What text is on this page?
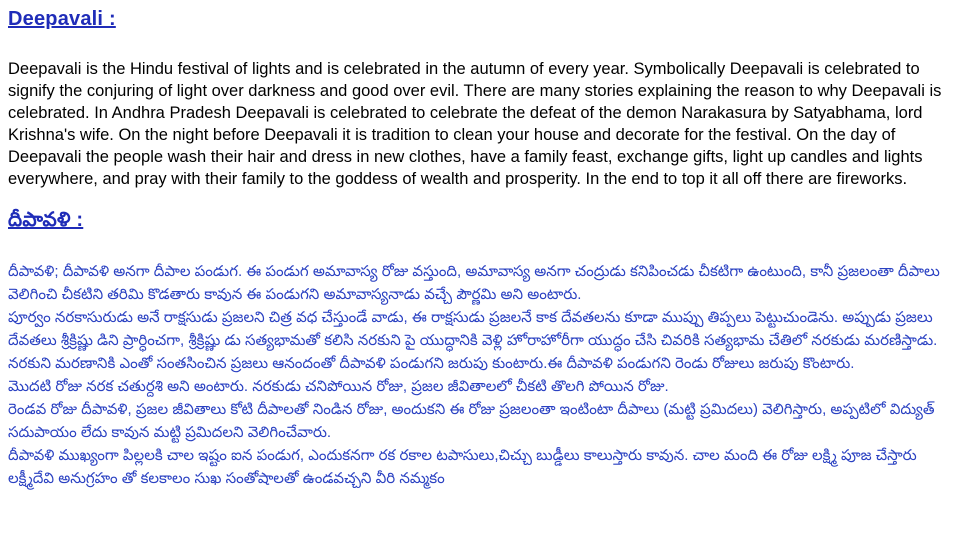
Deepavali :

Deepavali is the Hindu festival of lights and is celebrated in the autumn of every year. Symbolically Deepavali is celebrated to signify the conjuring of light over darkness and good over evil. There are many stories explaining the reason to why Deepavali is celebrated. In Andhra Pradesh Deepavali is celebrated to celebrate the defeat of the demon Narakasura by Satyabhama, lord Krishna's wife. On the night before Deepavali it is tradition to clean your house and decorate for the festival. On the day of Deepavali the people wash their hair and dress in new clothes, have a family feast, exchange gifts, light up candles and lights everywhere, and pray with their family to the goddess of wealth and prosperity. In the end to top it all off there are fireworks.

దీపావళి :

దీపావళి; దీపావళి అనగా దీపాల పండుగ. ఈ పండుగ అమావాస్య రోజు వస్తుంది, అమావాస్య అనగా చంద్రుడు కనిపించడు చీకటిగా ఉంటుంది, కానీ ప్రజలంతా దీపాలు వెలిగించి చీకటిని తరిమి కొడతారు కావున ఈ పండుగని అమావాస్యనాడు వచ్చే పౌర్ణమి అని అంటారు.

పూర్వం నరకాసురుడు అనే రాక్షసుడు ప్రజలని చిత్ర వధ చేస్తుండే వాడు, ఈ రాక్షసుడు ప్రజలనే కాక దేవతలను కూడా ముప్పు తిప్పలు పెట్టుచుండెను. అప్పుడు ప్రజలు దేవతలు శ్రీక్రిష్ణు డిని ప్రార్ధించగా, శ్రీక్రిష్ణు డు సత్యభామతో కలిసి నరకుని పై యుద్ధానికి వెళ్లి హోరాహోరీగా యుద్ధం చేసి చివరికి సత్యభామ చేతిలో నరకుడు మరణిస్తాడు. నరకుని మరణానికి ఎంతో సంతసించిన ప్రజలు ఆనందంతో దీపావళి పండుగని జరుపు కుంటారు.ఈ దీపావళి పండుగని రెండు రోజులు జరుపు కొంటారు.

మొదటి రోజు నరక చతుర్దశి అని అంటారు. నరకుడు చనిపోయిన రోజు, ప్రజల జీవితాలలో చీకటి తొలగి పోయిన రోజు.

రెండవ రోజు దీపావళి, ప్రజల జీవితాలు కోటి దీపాలతో నిండిన రోజు, అందుకని ఈ రోజు ప్రజలంతా ఇంటింటా దీపాలు (మట్టి ప్రమిదలు) వెలిగిస్తారు, అప్పటిలో విద్యుత్ సదుపాయం లేదు కావున మట్టి ప్రమిదలని వెలిగించేవారు.

దీపావళి ముఖ్యంగా పిల్లలకి చాల ఇష్టం ఐన పండుగ, ఎందుకనగా రక రకాల టపాసులు,చిచ్చు బుడ్డీలు కాలుస్తారు కావున. చాల మంది ఈ రోజు లక్ష్మి పూజ చేస్తారు లక్ష్మీదేవి అనుగ్రహం తో కలకాలం సుఖ సంతోషాలతో ఉండవచ్చని వీరి నమ్మకం
